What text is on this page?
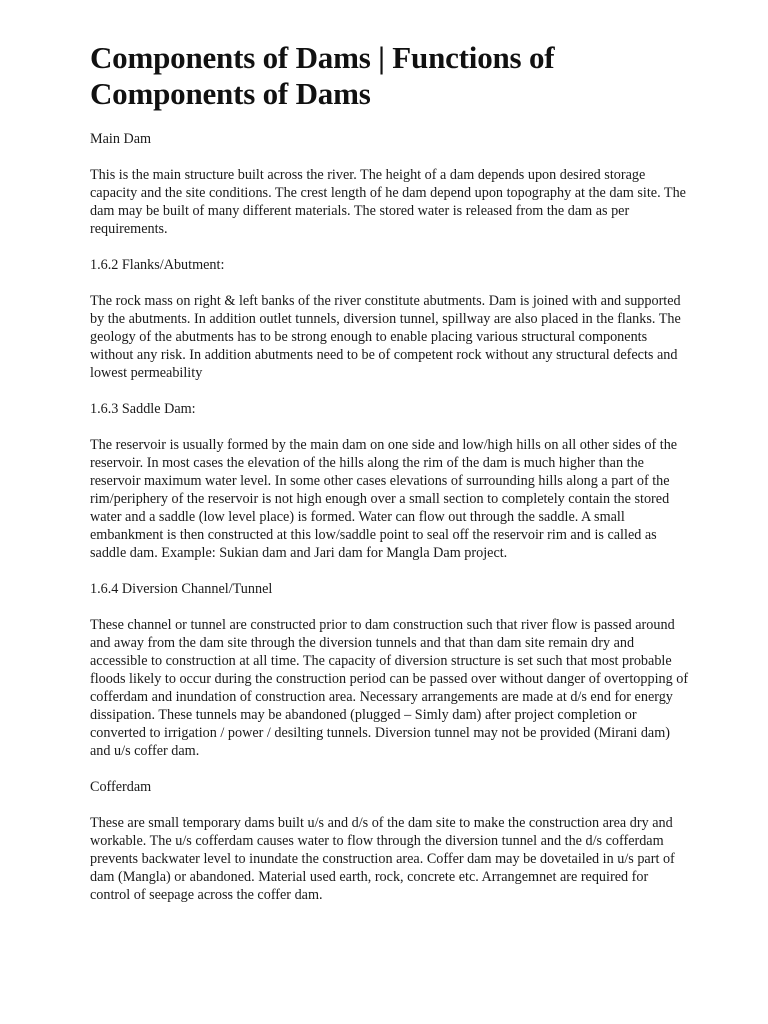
Components of Dams | Functions of Components of Dams
Main Dam

This is the main structure built across the river. The height of a dam depends upon desired storage capacity and the site conditions. The crest length of he dam depend upon topography at the dam site. The dam may be built of many different materials. The stored water is released from the dam as per requirements.

1.6.2 Flanks/Abutment:

The rock mass on right & left banks of the river constitute abutments. Dam is joined with and supported by the abutments. In addition outlet tunnels, diversion tunnel, spillway are also placed in the flanks. The geology of the abutments has to be strong enough to enable placing various structural components without any risk. In addition abutments need to be of competent rock without any structural defects and lowest permeability

1.6.3 Saddle Dam:

The reservoir is usually formed by the main dam on one side and low/high hills on all other sides of the reservoir. In most cases the elevation of the hills along the rim of the dam is much higher than the reservoir maximum water level. In some other cases elevations of surrounding hills along a part of the rim/periphery of the reservoir is not high enough over a small section to completely contain the stored water and a saddle (low level place) is formed. Water can flow out through the saddle. A small embankment is then constructed at this low/saddle point to seal off the reservoir rim and is called as saddle dam. Example: Sukian dam and Jari dam for Mangla Dam project.

1.6.4 Diversion Channel/Tunnel

These channel or tunnel are constructed prior to dam construction such that river flow is passed around and away from the dam site through the diversion tunnels and that than dam site remain dry and accessible to construction at all time. The capacity of diversion structure is set such that most probable floods likely to occur during the construction period can be passed over without danger of overtopping of cofferdam and inundation of construction area. Necessary arrangements are made at d/s end for energy dissipation. These tunnels may be abandoned (plugged – Simly dam) after project completion or converted to irrigation / power / desilting tunnels. Diversion tunnel may not be provided (Mirani dam) and u/s coffer dam.

Cofferdam

These are small temporary dams built u/s and d/s of the dam site to make the construction area dry and workable. The u/s cofferdam causes water to flow through the diversion tunnel and the d/s cofferdam prevents backwater level to inundate the construction area. Coffer dam may be dovetailed in u/s part of dam (Mangla) or abandoned. Material used earth, rock, concrete etc. Arrangemnet are required for control of seepage across the coffer dam.
